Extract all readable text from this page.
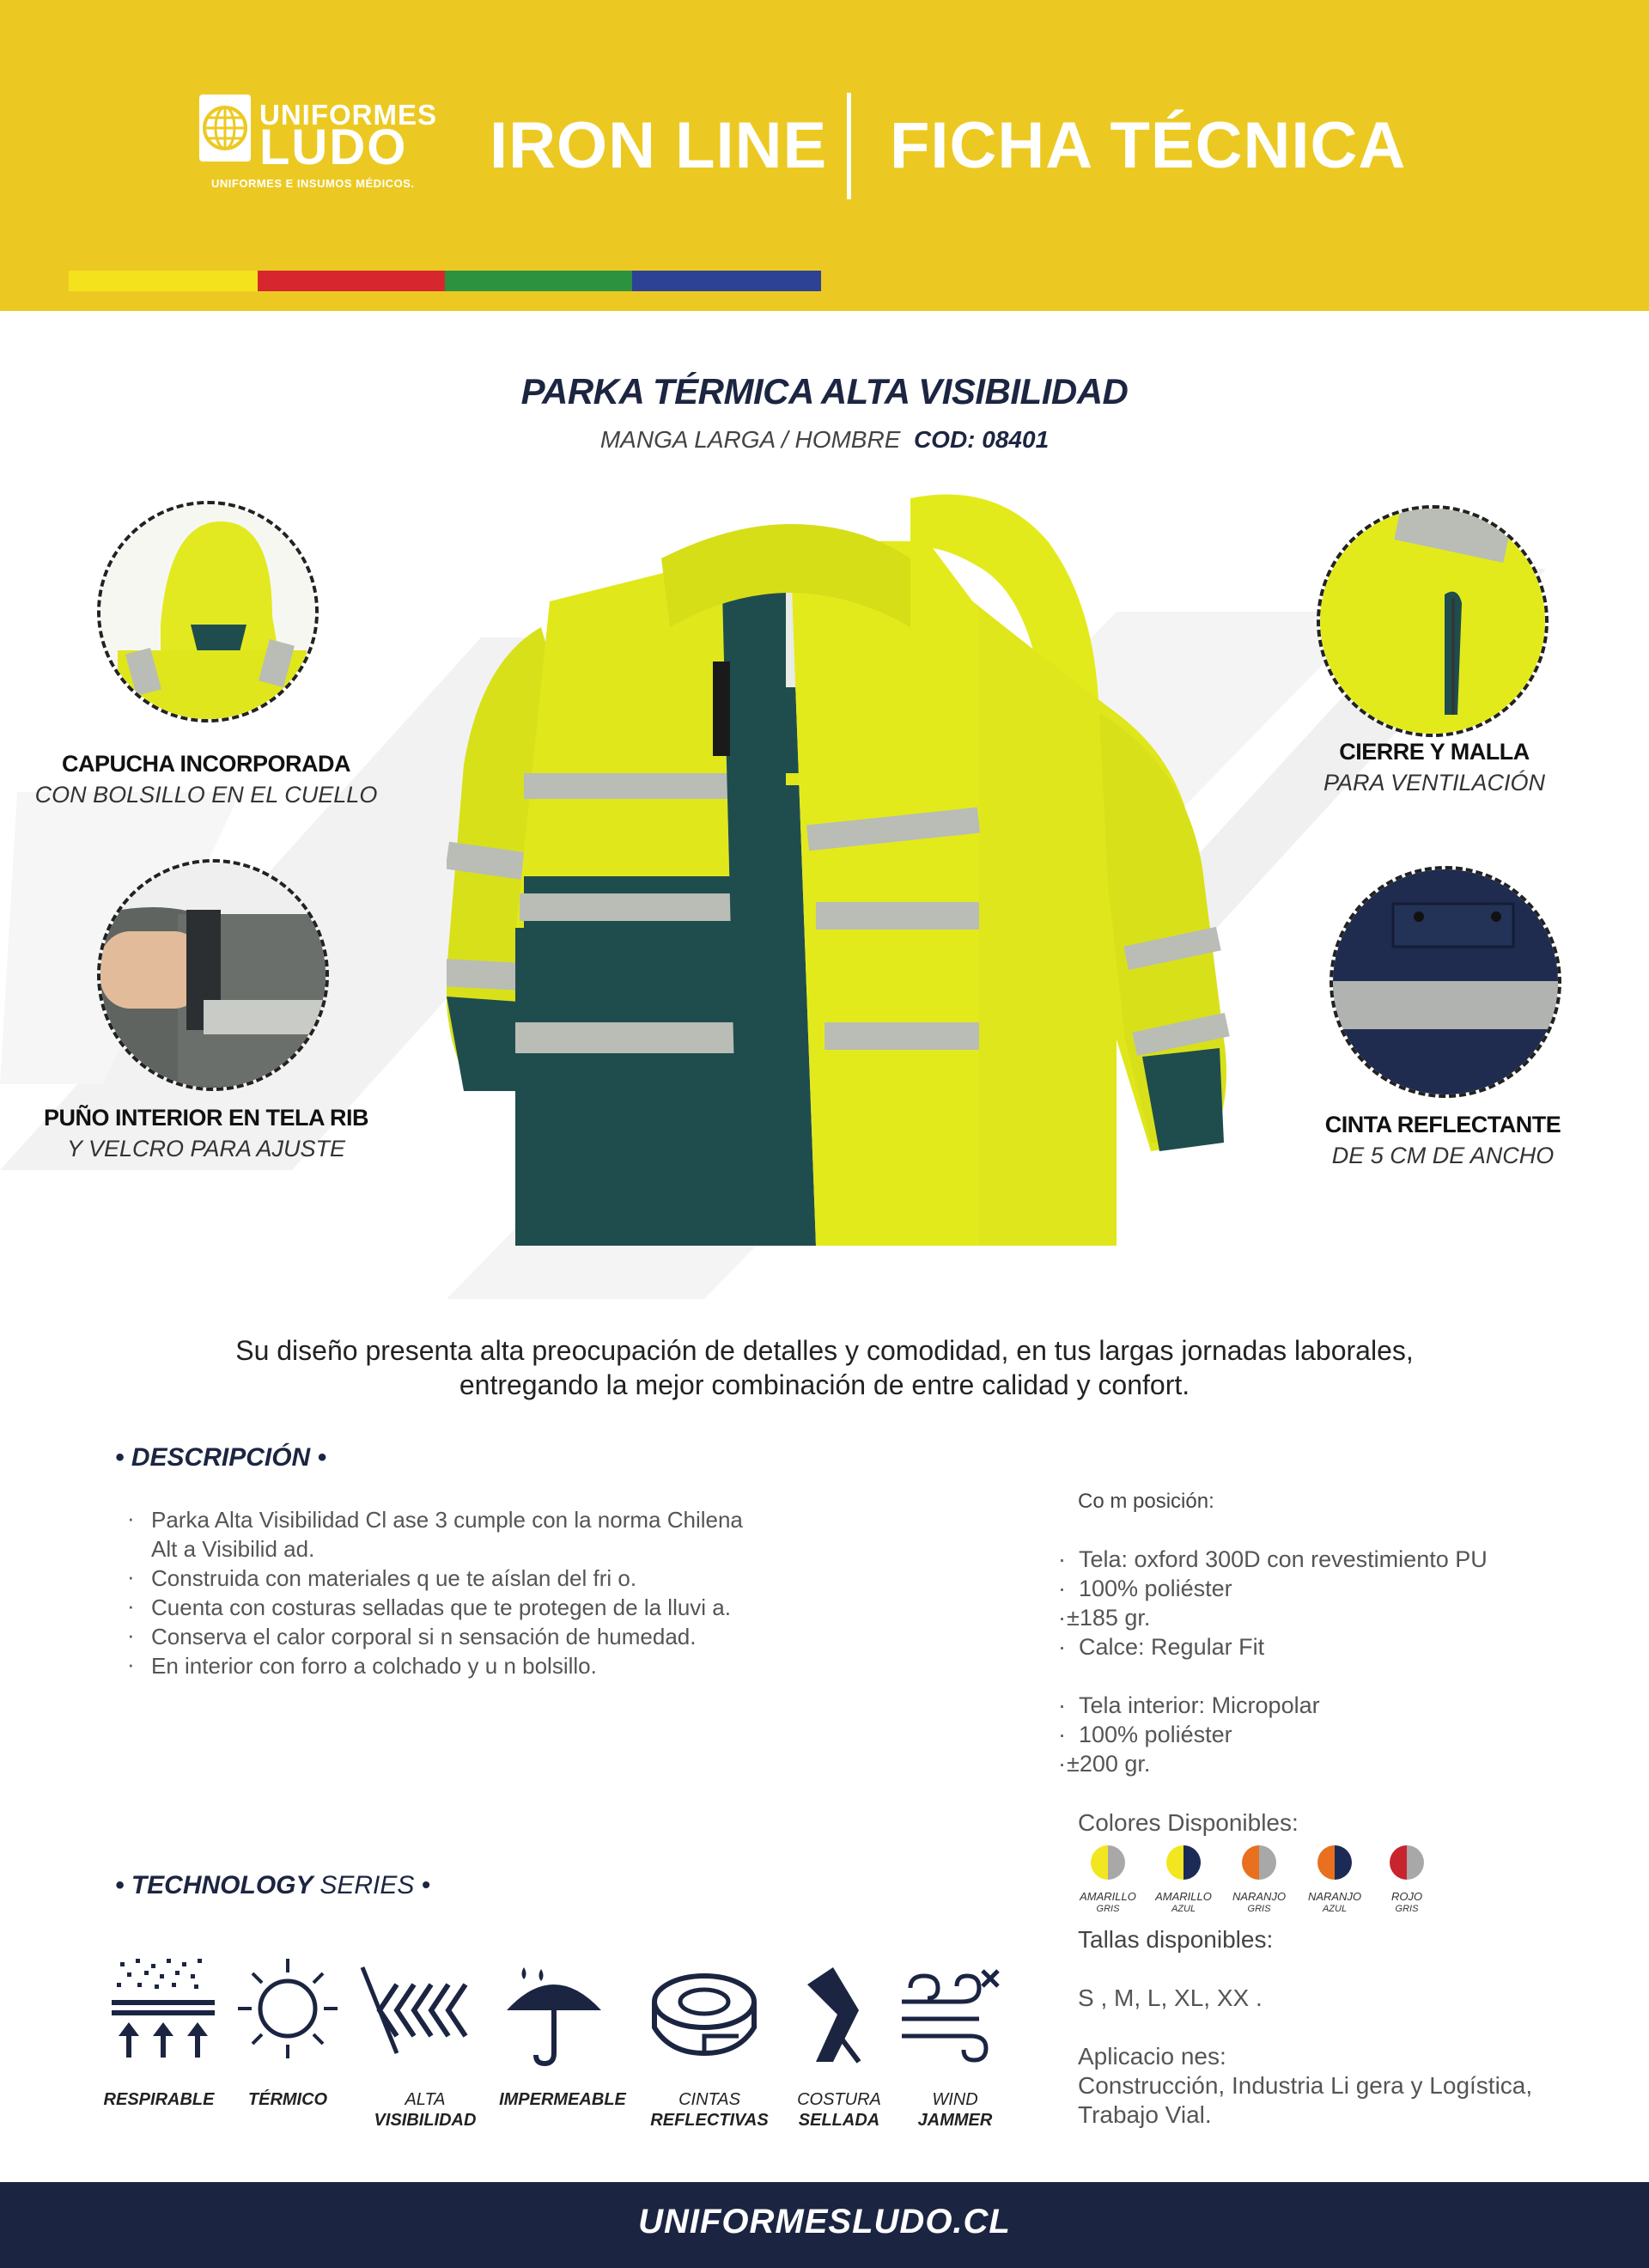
UNIFORMES
LUDO
UNIFORMES E INSUMOS MÉDICOS.
IRON LINE FICHA TÉCNICA
PARKA TÉRMICA ALTA VISIBILIDAD
MANGA LARGA / HOMBRE COD: 08401
CAPUCHA INCORPORADA
CON BOLSILLO EN EL CUELLO
PUÑO INTERIOR EN TELA RIB
Y VELCRO PARA AJUSTE
CIERRE Y MALLA
PARA VENTILACIÓN
CINTA REFLECTANTE
DE 5 CM DE ANCHO
Su diseño presenta alta preocupación de detalles y comodidad, en tus largas jornadas laborales,
entregando la mejor combinación de entre calidad y confort.
• DESCRIPCIÓN •
· Parka Alta Visibilidad Cl ase 3 cumple con la norma Chilena
Alt a Visibilid ad.
· Construida con materiales q ue te aíslan del fri o.
· Cuenta con costuras selladas que te protegen de la lluvi a.
· Conserva el calor corporal si n sensación de humedad.
· En interior con forro a colchado y u n bolsillo.
Co m posición:
· Tela: oxford 300D con revestimiento PU
· 100% poliéster
· ±185 gr.
· Calce: Regular Fit
· Tela interior: Micropolar
· 100% poliéster
· ±200 gr.
Colores Disponibles:
AMARILLO
GRIS
AMARILLO
AZUL
NARANJO
GRIS
NARANJO
AZUL
ROJO
GRIS
Tallas disponibles:
S , M, L, XL, XX .
Aplicacio nes:
Construcción, Industria Li gera y Logística,
Trabajo Vial.
• TECHNOLOGY SERIES •
RESPIRABLE	TÉRMICO	ALTA
VISIBILIDAD
IMPERMEABLE	CINTAS
REFLECTIVAS
COSTURA
SELLADA
WIND
JAMMER
UNIFORMESLUDO.CL
